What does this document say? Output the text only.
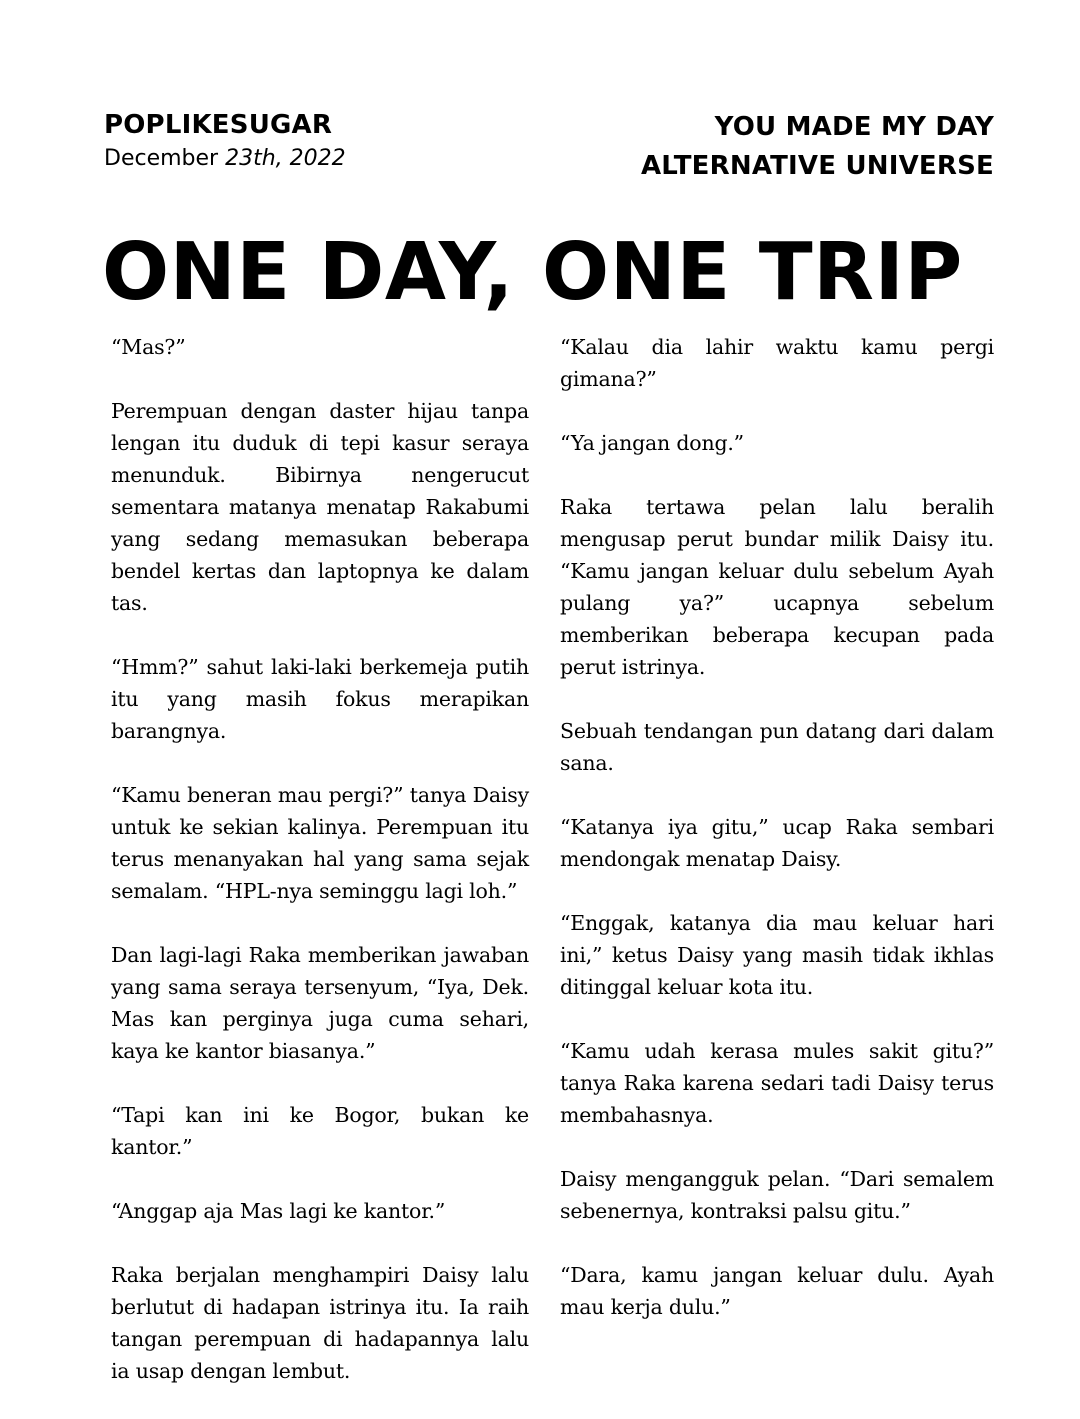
POPLIKESUGAR
December 23th, 2022
YOU MADE MY DAY
ALTERNATIVE UNIVERSE
ONE DAY, ONE TRIP

“Mas?”

Perempuan dengan daster hijau tanpa lengan itu duduk di tepi kasur seraya menunduk. Bibirnya nengerucut sementara matanya menatap Rakabumi yang sedang memasukan beberapa bendel kertas dan laptopnya ke dalam tas.

“Hmm?” sahut laki-laki berkemeja putih itu yang masih fokus merapikan barangnya.

“Kamu beneran mau pergi?” tanya Daisy untuk ke sekian kalinya. Perempuan itu terus menanyakan hal yang sama sejak semalam. “HPL-nya seminggu lagi loh.”

Dan lagi-lagi Raka memberikan jawaban yang sama seraya tersenyum, “Iya, Dek. Mas kan perginya juga cuma sehari, kaya ke kantor biasanya.”

“Tapi kan ini ke Bogor, bukan ke kantor.”

“Anggap aja Mas lagi ke kantor.”

Raka berjalan menghampiri Daisy lalu berlutut di hadapan istrinya itu. Ia raih tangan perempuan di hadapannya lalu ia usap dengan lembut.

“Kalau dia lahir waktu kamu pergi gimana?”

“Ya jangan dong.”

Raka tertawa pelan lalu beralih mengusap perut bundar milik Daisy itu. “Kamu jangan keluar dulu sebelum Ayah pulang ya?” ucapnya sebelum memberikan beberapa kecupan pada perut istrinya.

Sebuah tendangan pun datang dari dalam sana.

“Katanya iya gitu,” ucap Raka sembari mendongak menatap Daisy.

“Enggak, katanya dia mau keluar hari ini,” ketus Daisy yang masih tidak ikhlas ditinggal keluar kota itu.

“Kamu udah kerasa mules sakit gitu?” tanya Raka karena sedari tadi Daisy terus membahasnya.

Daisy mengangguk pelan. “Dari semalem sebenernya, kontraksi palsu gitu.”

“Dara, kamu jangan keluar dulu. Ayah mau kerja dulu.”
